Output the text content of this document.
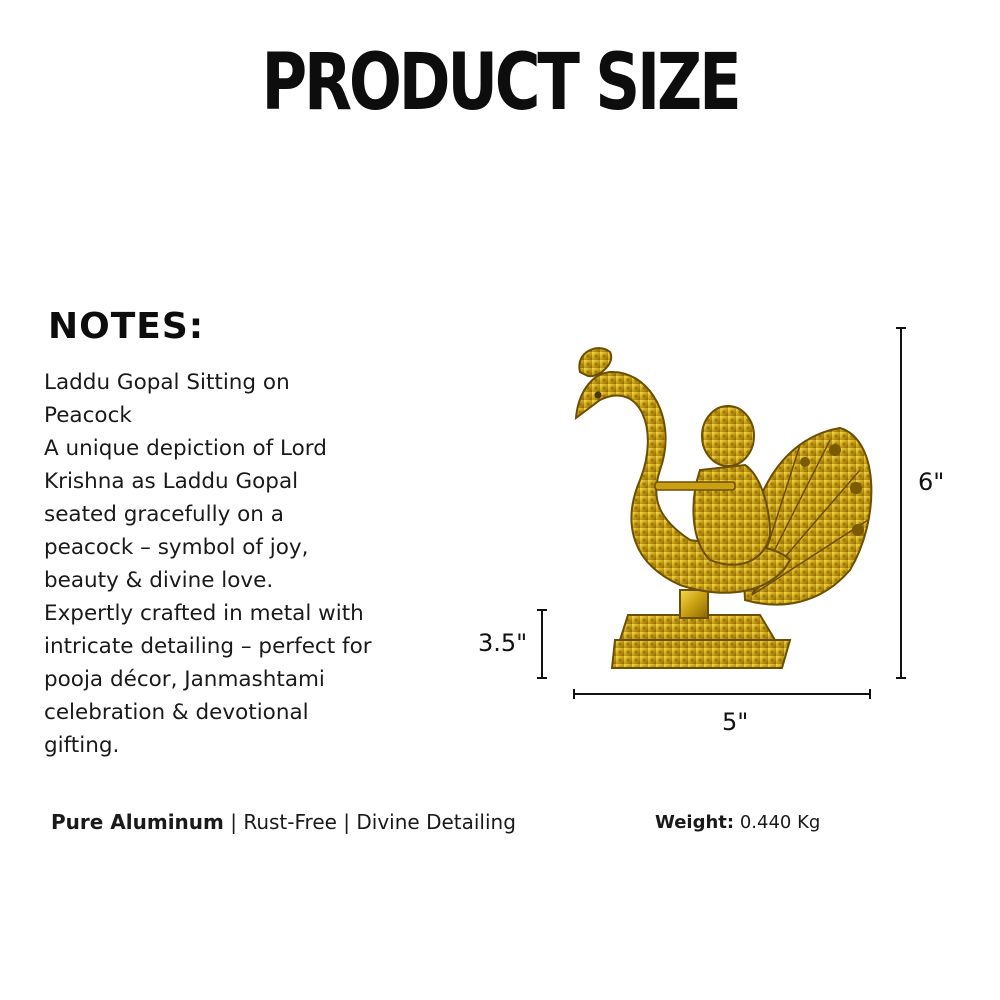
PRODUCT SIZE
NOTES:
Laddu Gopal Sitting on Peacock
A unique depiction of Lord Krishna as Laddu Gopal seated gracefully on a peacock – symbol of joy, beauty & divine love.
Expertly crafted in metal with intricate detailing – perfect for pooja décor, Janmashtami celebration & devotional gifting.
6"
3.5"
5"
Pure Aluminum | Rust-Free | Divine Detailing	Weight: 0.440 Kg
